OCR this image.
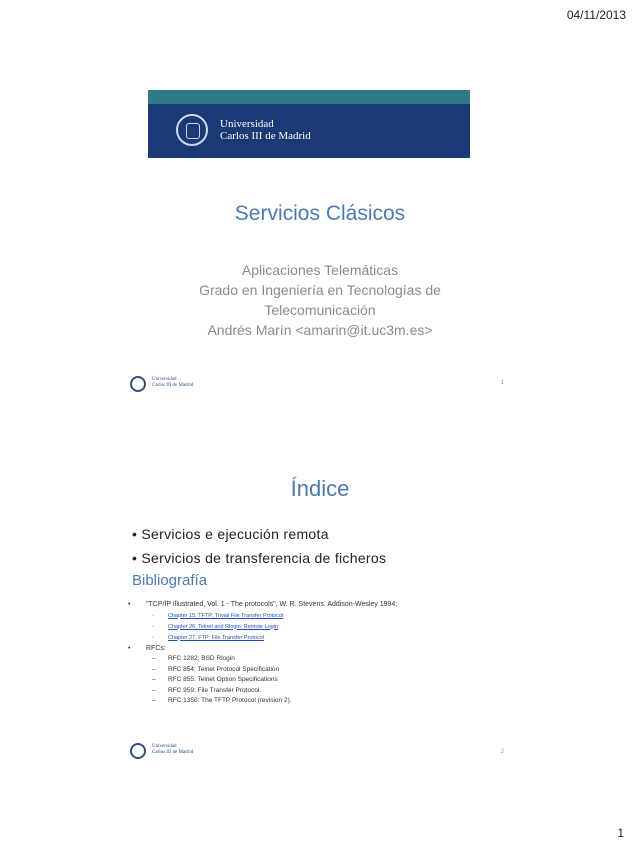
04/11/2013
Universidad
Carlos III de Madrid
Servicios Clásicos
Aplicaciones Telemáticas
Grado en Ingeniería en Tecnologías de Telecomunicación
Andrés Marín <amarin@it.uc3m.es>
Universidad
Carlos III de Madrid	1
Índice
• Servicios e ejecución remota
• Servicios de transferencia de ficheros
Bibliografía
• "TCP/IP Illustrated, Vol. 1 - The protocols", W. R. Stevens. Addison-Wesley 1994:
◦ Chapter 15. TFTP: Trivial File Transfer Protocol
◦ Chapter 26. Telnet and Rlogin: Remote Login
◦ Chapter 27. FTP: File Transfer Protocol
• RFCs:
– RFC 1282: BSD Rlogin
– RFC 854: Telnet Protocol Specification
– RFC 855: Telnet Option Specifications
– RFC 959: File Transfer Protocol.
– RFC 1350: The TFTP Protocol (revision 2).
Universidad
Carlos III de Madrid	2
1
